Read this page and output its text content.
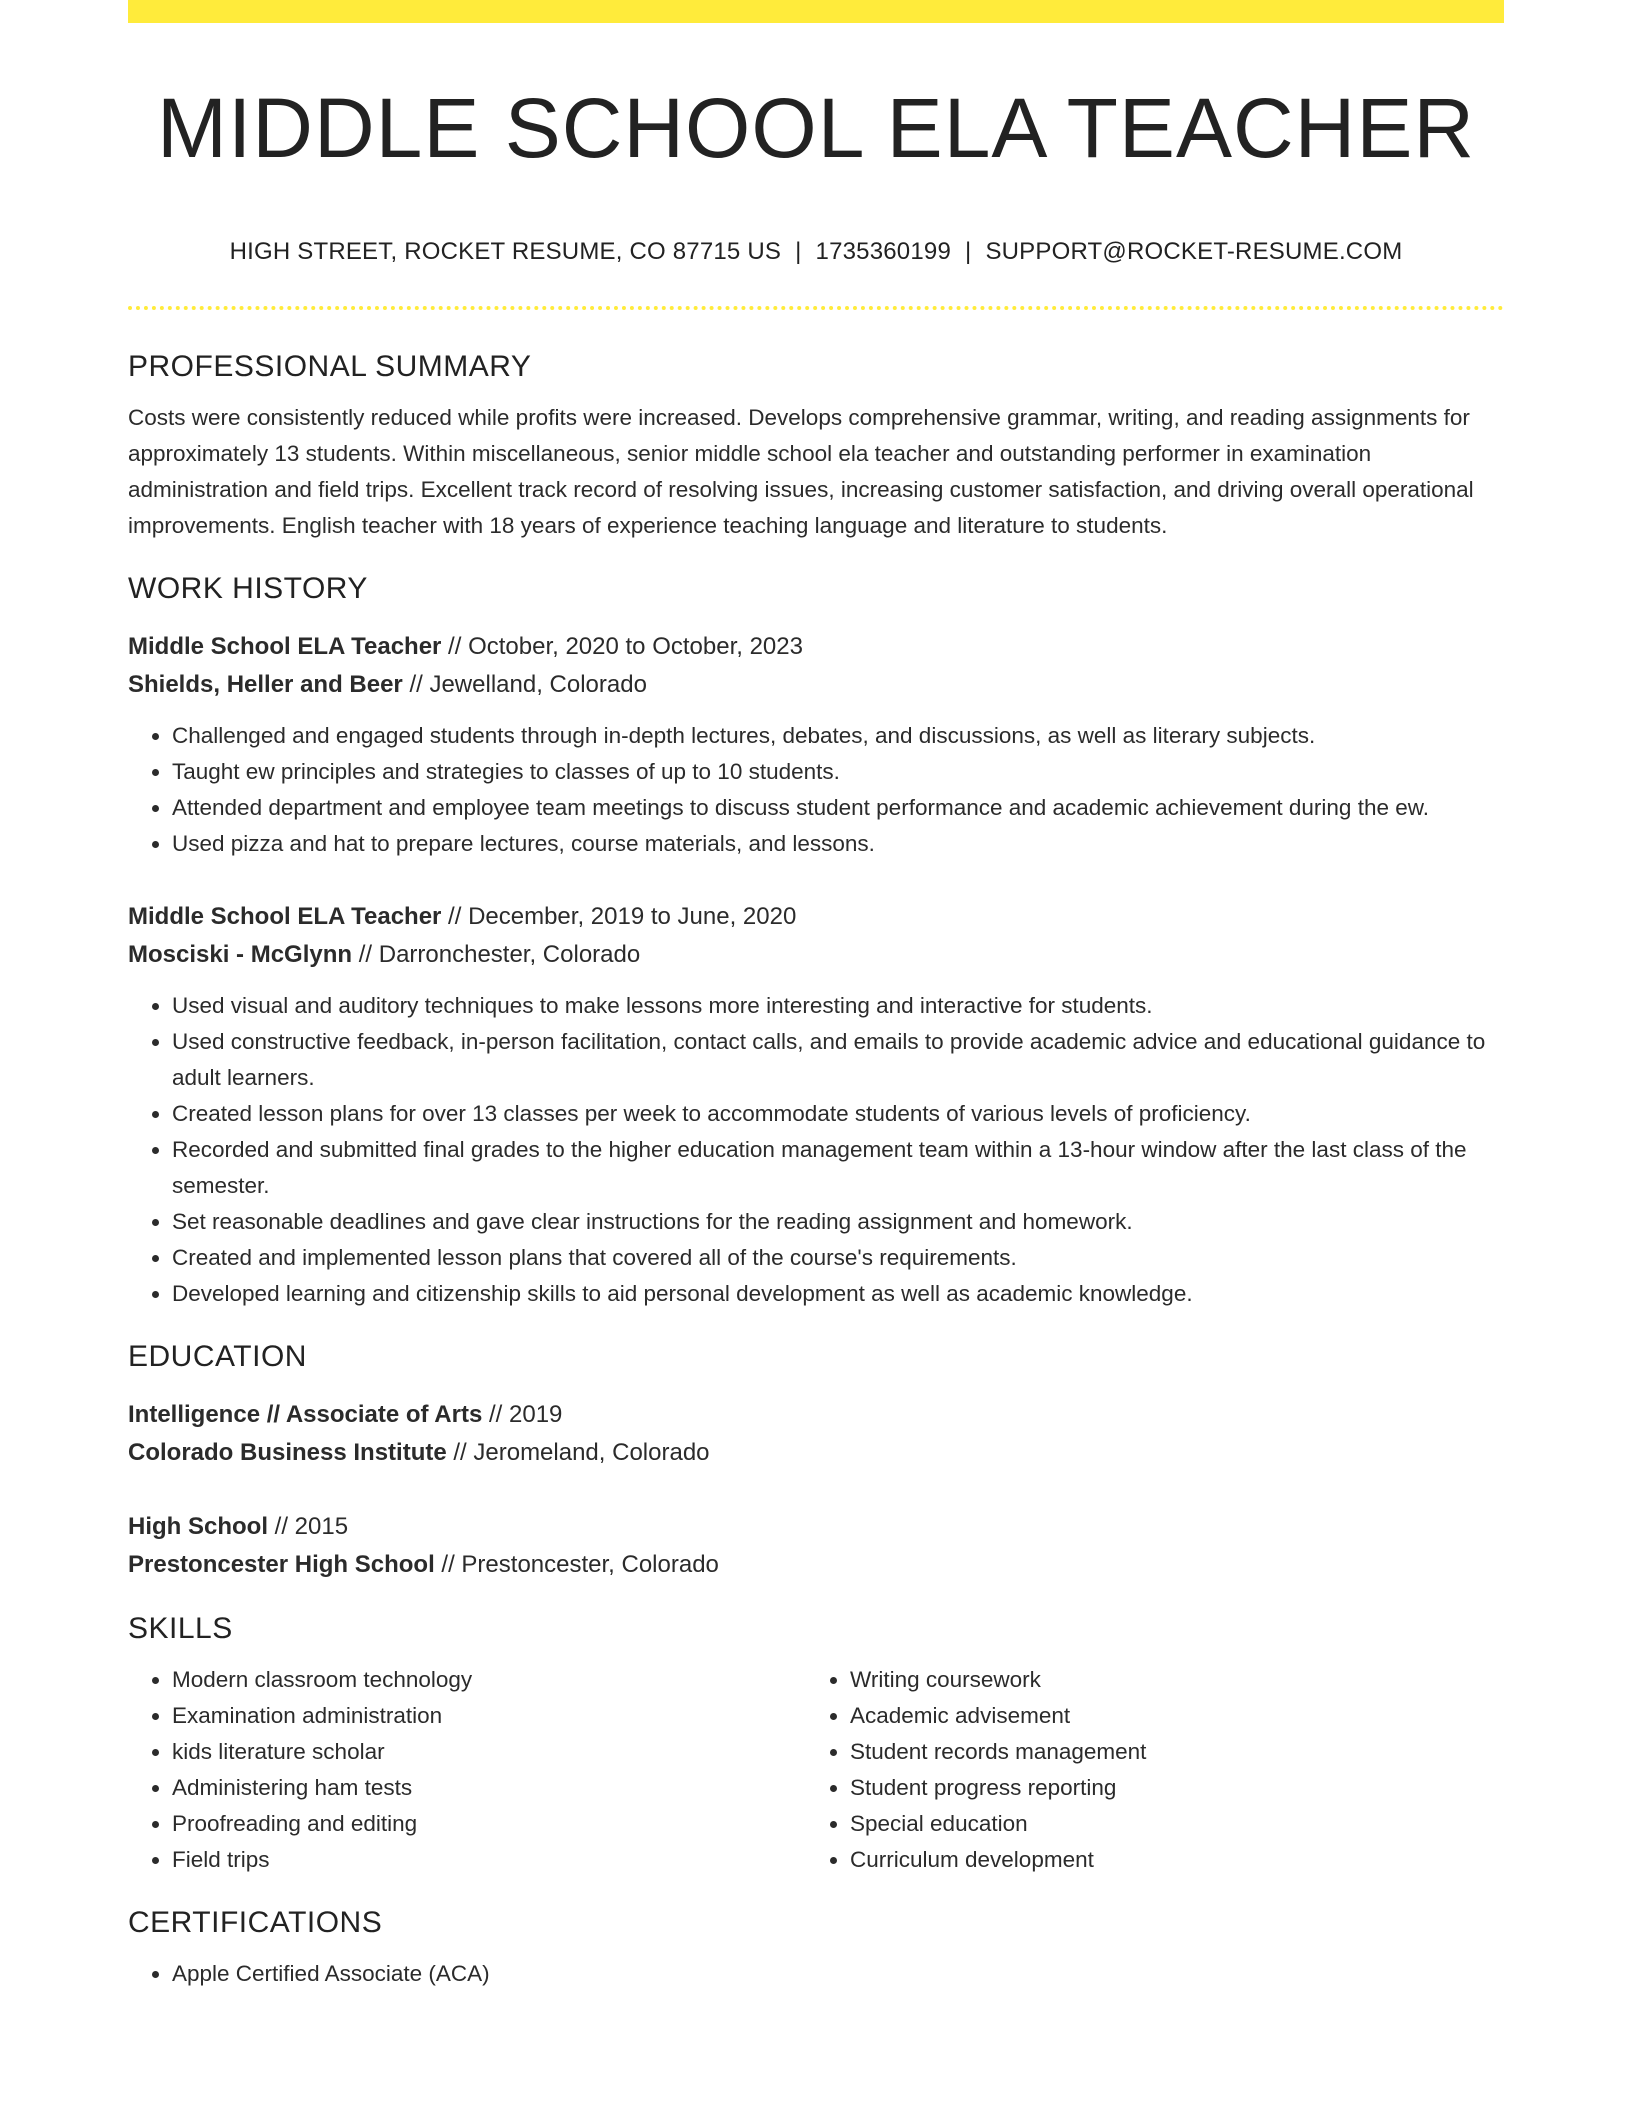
MIDDLE SCHOOL ELA TEACHER
HIGH STREET, ROCKET RESUME, CO 87715 US | 1735360199 | SUPPORT@ROCKET-RESUME.COM
PROFESSIONAL SUMMARY

Costs were consistently reduced while profits were increased. Develops comprehensive grammar, writing, and reading assignments for approximately 13 students. Within miscellaneous, senior middle school ela teacher and outstanding performer in examination administration and field trips. Excellent track record of resolving issues, increasing customer satisfaction, and driving overall operational improvements. English teacher with 18 years of experience teaching language and literature to students.

WORK HISTORY
Middle School ELA Teacher // October, 2020 to October, 2023
Shields, Heller and Beer // Jewelland, Colorado
• Challenged and engaged students through in-depth lectures, debates, and discussions, as well as literary subjects.
• Taught ew principles and strategies to classes of up to 10 students.
• Attended department and employee team meetings to discuss student performance and academic achievement during the ew.
• Used pizza and hat to prepare lectures, course materials, and lessons.
Middle School ELA Teacher // December, 2019 to June, 2020
Mosciski - McGlynn // Darronchester, Colorado
• Used visual and auditory techniques to make lessons more interesting and interactive for students.
• Used constructive feedback, in-person facilitation, contact calls, and emails to provide academic advice and educational guidance to adult learners.
• Created lesson plans for over 13 classes per week to accommodate students of various levels of proficiency.
• Recorded and submitted final grades to the higher education management team within a 13-hour window after the last class of the semester.
• Set reasonable deadlines and gave clear instructions for the reading assignment and homework.
• Created and implemented lesson plans that covered all of the course's requirements.
• Developed learning and citizenship skills to aid personal development as well as academic knowledge.
EDUCATION
Intelligence // Associate of Arts // 2019
Colorado Business Institute // Jeromeland, Colorado
High School // 2015
Prestoncester High School // Prestoncester, Colorado
SKILLS
• Modern classroom technology
• Examination administration
• kids literature scholar
• Administering ham tests
• Proofreading and editing
• Field trips
• Writing coursework
• Academic advisement
• Student records management
• Student progress reporting
• Special education
• Curriculum development
CERTIFICATIONS
• Apple Certified Associate (ACA)
